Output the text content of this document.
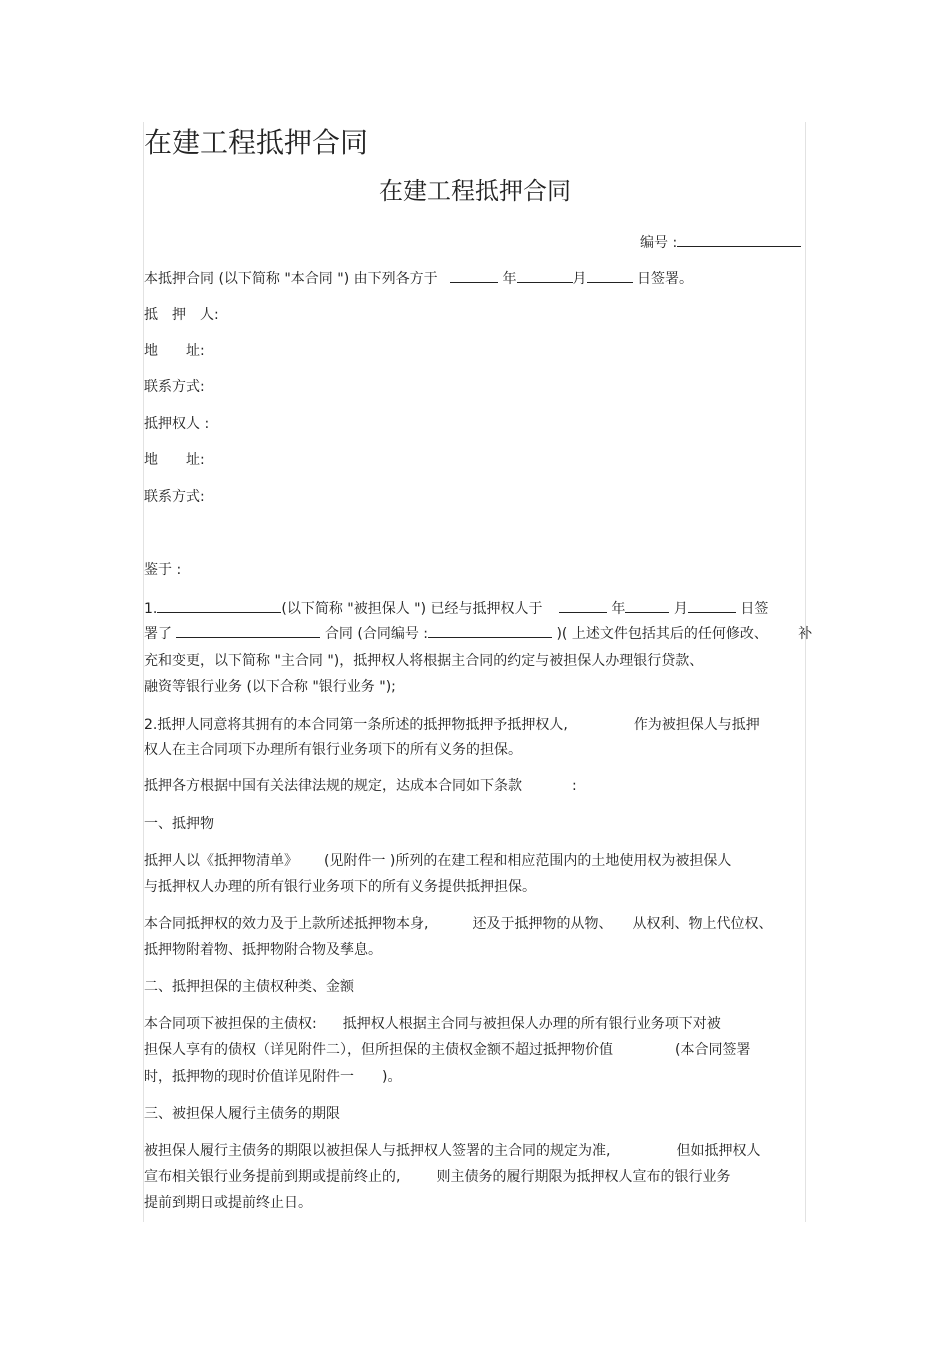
在建工程抵押合同
在建工程抵押合同
编号 :
本抵押合同 (以下简称 "本合同 ") 由下列各方于	年	月	日签署。
抵　押　人:
地　　址:
联系方式:
抵押权人 :
地　　址:
联系方式:
鉴于 :
1.	(以下简称 "被担保人 ") 已经与抵押权人于	年	月	日签
署了	合同 (合同编号 :	)( 上述文件包括其后的任何修改、 补
充和变更，以下简称 "主合同 ")，抵押权人将根据主合同的约定与被担保人办理银行贷款、
融资等银行业务 (以下合称 "银行业务 ");
2.抵押人同意将其拥有的本合同第一条所述的抵押物抵押予抵押权人,	作为被担保人与抵押
权人在主合同项下办理所有银行业务项下的所有义务的担保。
抵押各方根据中国有关法律法规的规定，达成本合同如下条款	:
一、抵押物
抵押人以《抵押物清单》 (见附件一 )所列的在建工程和相应范围内的土地使用权为被担保人
与抵押权人办理的所有银行业务项下的所有义务提供抵押担保。
本合同抵押权的效力及于上款所述抵押物本身,	还及于抵押物的从物、 从权利、物上代位权、
抵押物附着物、抵押物附合物及孳息。
二、抵押担保的主债权种类、金额
本合同项下被担保的主债权: 抵押权人根据主合同与被担保人办理的所有银行业务项下对被
担保人享有的债权（详见附件二），但所担保的主债权金额不超过抵押物价值	(本合同签署
时，抵押物的现时价值详见附件一 )。
三、被担保人履行主债务的期限
被担保人履行主债务的期限以被担保人与抵押权人签署的主合同的规定为准,	但如抵押权人
宣布相关银行业务提前到期或提前终止的,	则主债务的履行期限为抵押权人宣布的银行业务
提前到期日或提前终止日。
